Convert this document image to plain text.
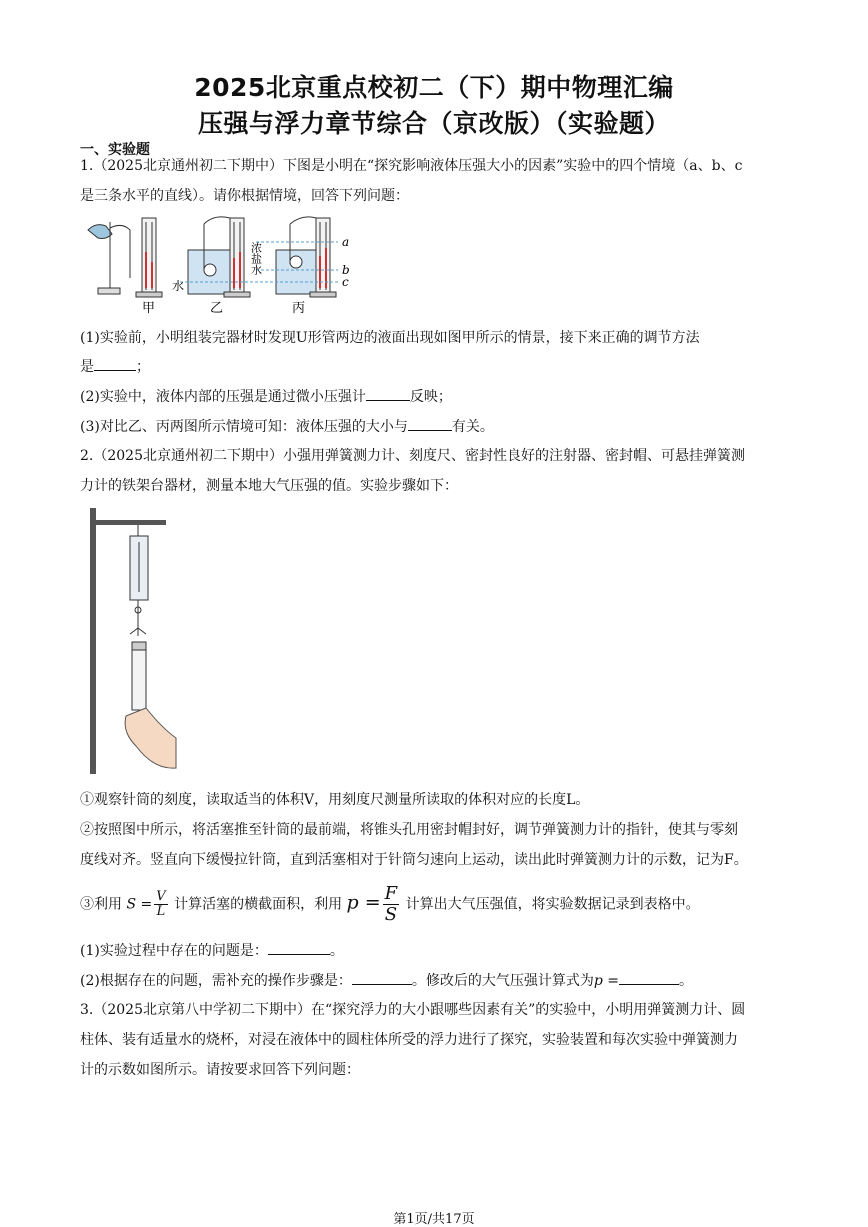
2025北京重点校初二（下）期中物理汇编
压强与浮力章节综合（京改版）（实验题）
一、实验题
1.（2025北京通州初二下期中）下图是小明在“探究影响液体压强大小的因素”实验中的四个情境（a、b、c
是三条水平的直线）。请你根据情境，回答下列问题：
甲
水
乙
浓盐水	a
b
c
丙
(1)实验前，小明组装完器材时发现U形管两边的液面出现如图甲所示的情景，接下来正确的调节方法
是	；
(2)实验中，液体内部的压强是通过微小压强计	反映；
(3)对比乙、丙两图所示情境可知：液体压强的大小与	有关。
2.（2025北京通州初二下期中）小强用弹簧测力计、刻度尺、密封性良好的注射器、密封帽、可悬挂弹簧测
力计的铁架台器材，测量本地大气压强的值。实验步骤如下：
①观察针筒的刻度，读取适当的体积V，用刻度尺测量所读取的体积对应的长度L。
②按照图中所示，将活塞推至针筒的最前端，将锥头孔用密封帽封好，调节弹簧测力计的指针，使其与零刻
度线对齐。竖直向下缓慢拉针筒，直到活塞相对于针筒匀速向上运动，读出此时弹簧测力计的示数，记为F。
③利用 $S = \frac{V}{L}$ 计算活塞的横截面积，利用 $p = \frac{F}{S}$ 计算出大气压强值，将实验数据记录到表格中。
(1)实验过程中存在的问题是：	。
(2)根据存在的问题，需补充的操作步骤是：	。修改后的大气压强计算式为p =	。
3.（2025北京第八中学初二下期中）在“探究浮力的大小跟哪些因素有关”的实验中，小明用弹簧测力计、圆
柱体、装有适量水的烧杯，对浸在液体中的圆柱体所受的浮力进行了探究，实验装置和每次实验中弹簧测力
计的示数如图所示。请按要求回答下列问题：
第1页/共17页
